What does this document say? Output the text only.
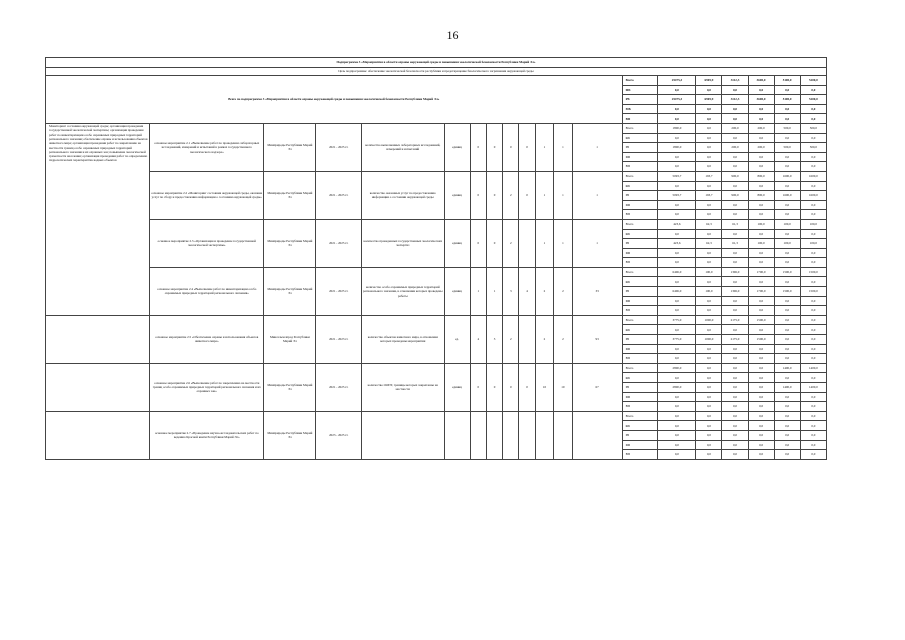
16
Подпрограмма 3 «Мероприятия в области охраны окружающей среды и повышения экологической безопасности Республики Марий Эл»																			
Цель подпрограммы: обеспечение экологической безопасности республики и предотвращение биологического загрязнения окружающей среды																			
Всего по подпрограмме 3 «Мероприятия в области охраны окружающей среды и повышения экологической безопасности Республики Марий Эл»													Всего	25475,3	6905,9	3112,3	3600,0	5100,0	5100,0
													ФБ	0,0	0,0	0,0	0,0	0,0	0,0
													РБ	25475,3	6905,9	3112,3	3600,0	5100,0	5100,0
													МБ	0,0	0,0	0,0	0,0	0,0	0,0
													ВП	0,0	0,0	0,0	0,0	0,0	0,0
Мониторинг состояния окружающей среды; организация проведения государственной экологической экспертизы; организация проведения работ по инвентаризации особо охраняемых природных территорий регионального значения; обеспечение охраны и использования объектов животного мира; организация проведения работ по закреплению на местности границ особо охраняемых природных территорий регионального значения и их охранных зон; повышение экологической грамотности населения; организация проведения работ по определению гидрологических характеристик водных объектов	основное мероприятие 2.1 «Выполнение работ по проведению лабораторных исследований, измерений и испытаний в рамках государственного экологического надзора»	Минприроды Республики Марий Эл	2021 - 2025 гг.	количество выполненных лабораторных исследований, измерений и испытаний	единиц	0	0	0	0	1	1	1	Всего	1800,0	0,0	200,0	200,0	500,0	500,0
													ФБ	0,0	0,0	0,0	0,0	0,0	0,0
													РБ	1800,0	0,0	200,0	200,0	500,0	500,0
													МБ	0,0	0,0	0,0	0,0	0,0	0,0
													ВП	0,0	0,0	0,0	0,0	0,0	0,0
	основное мероприятие 2.2 «Мониторинг состояния окружающей среды, оказание услуг по сбору и предоставлению информации о состоянии окружающей среды»	Минприроды Республики Марий Эл	2021 - 2025 гг.	количество оказанных услуг по предоставлению информации о состоянии окружающей среды	единиц	0	0	2	0	1	1	1	Всего	5093,7	193,7	900,0	800,0	1600,0	1600,0
													ФБ	0,0	0,0	0,0	0,0	0,0	0,0
													РБ	5093,7	193,7	900,0	800,0	1600,0	1600,0
													МБ	0,0	0,0	0,0	0,0	0,0	0,0
													ВП	0,0	0,0	0,0	0,0	0,0	0,0
	основное мероприятие 2.3 «Организация и проведение государственной экологической экспертизы»	Минприроды Республики Марий Эл	2021 - 2025 гг.	количество проведенных государственных экологических экспертиз	единиц	0	0	2		1	1	1	Всего	423,6	62,3	61,3	100,0	100,0	100,0
													ФБ	0,0	0,0	0,0	0,0	0,0	0,0
													РБ	423,6	62,3	61,3	100,0	100,0	100,0
													МБ	0,0	0,0	0,0	0,0	0,0	0,0
													ВП	0,0	0,0	0,0	0,0	0,0	0,0
	основное мероприятие 2.4 «Выполнение работ по инвентаризации особо охраняемых природных территорий регионального значения»	Минприроды Республики Марий Эл	2021 - 2025 гг.	количество особо охраняемых природных территорий регионального значения, в отношении которых проведены работы	единиц	1	1	3	4	2	2	33	Всего	6406,0	100,0	1306,0	1700,0	1500,0	1500,0
													ФБ	0,0	0,0	0,0	0,0	0,0	0,0
													РБ	6406,0	100,0	1306,0	1700,0	1500,0	1500,0
													МБ	0,0	0,0	0,0	0,0	0,0	0,0
													ВП	0,0	0,0	0,0	0,0	0,0	0,0
	основное мероприятие 2.5 «Обеспечение охраны и использования объектов животного мира»	Минсельхозпрод Республики Марий Эл	2021 - 2023 гг.	количество объектов животного мира, в отношении которых проведены мероприятия	ед.	4	3	2		2	2	93	Всего	3775,0	1000,0	2175,0	1500,0	0,0	0,0
													ФБ	0,0	0,0	0,0	0,0	0,0	0,0
													РБ	3775,0	1000,0	2175,0	1500,0	0,0	0,0
													МБ	0,0	0,0	0,0	0,0	0,0	0,0
													ВП	0,0	0,0	0,0	0,0	0,0	0,0
	основное мероприятие 2.6 «Выполнение работ по закреплению на местности границ особо охраняемых природных территорий регионального значения и их охранных зон»	Минприроды Республики Марий Эл	2021 - 2025 гг.	количество ООПТ, границы которых закреплены на местности	единиц	0	0	0	0	10	10	67	Всего	2800,0	0,0	0,0	0,0	1400,0	1400,0
													ФБ	0,0	0,0	0,0	0,0	0,0	0,0
													РБ	2800,0	0,0	0,0	0,0	1400,0	1400,0
													МБ	0,0	0,0	0,0	0,0	0,0	0,0
													ВП	0,0	0,0	0,0	0,0	0,0	0,0
	основное мероприятие 2.7 «Проведение научно-исследовательских работ по ведению Красной книги Республики Марий Эл»	Минприроды Республики Марий Эл	2023 - 2025 гг.										Всего	0,0	0,0	0,0	0,0	0,0	0,0
													ФБ	0,0	0,0	0,0	0,0	0,0	0,0
													РБ	0,0	0,0	0,0	0,0	0,0	0,0
													МБ	0,0	0,0	0,0	0,0	0,0	0,0
													ВП	0,0	0,0	0,0	0,0	0,0	0,0
